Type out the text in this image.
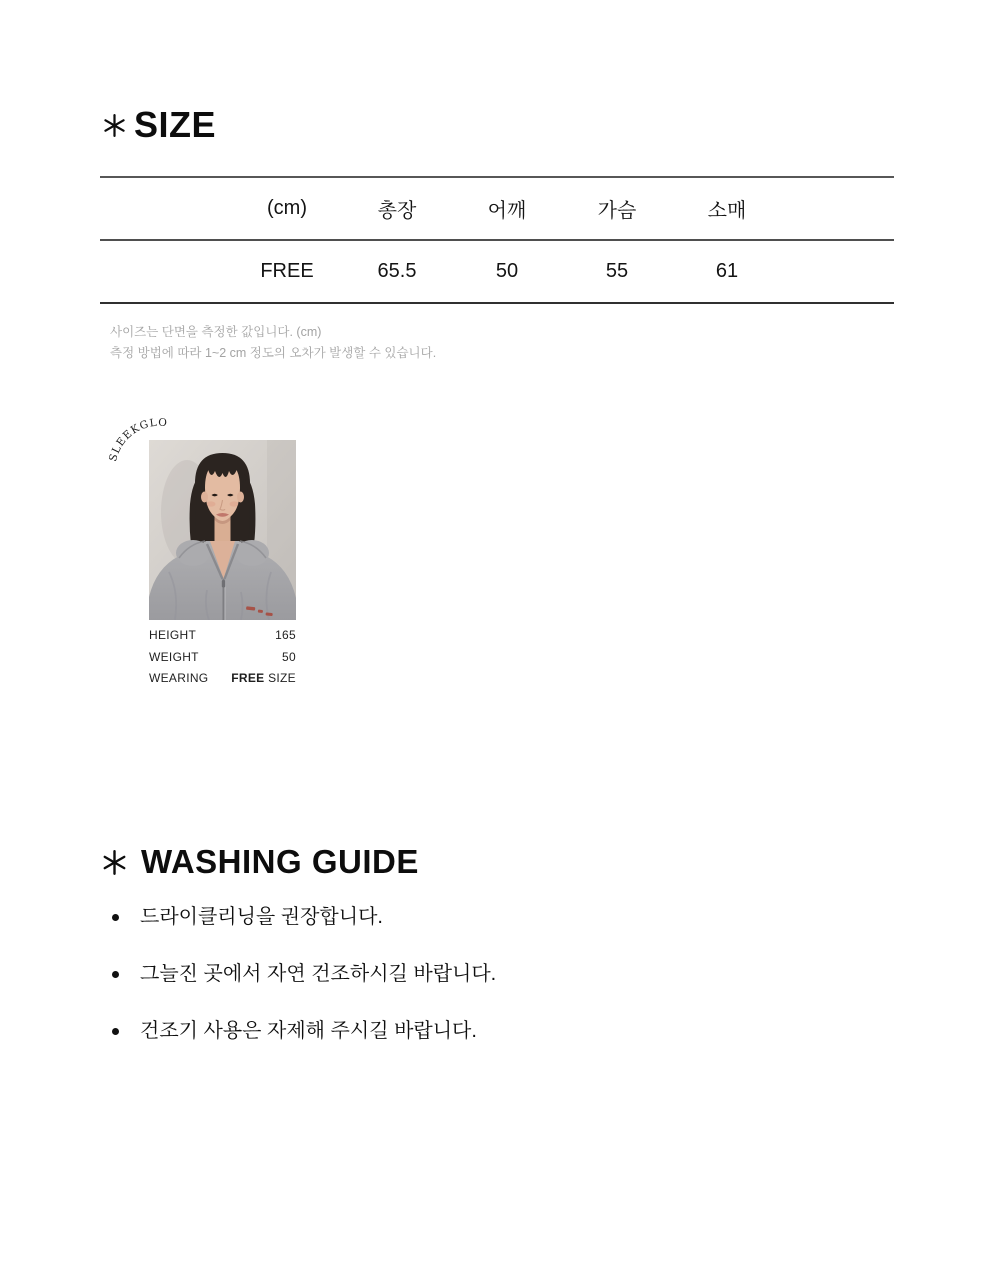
SIZE
(cm)	총장	어깨	가슴	소매
FREE	65.5	50	55	61

사이즈는 단면을 측정한 값입니다. (cm)

측정 방법에 따라 1~2 cm 정도의 오차가 발생할 수 있습니다.

SLEEKGLOW
HEIGHT	165
WEIGHT	50
WEARING FREE SIZE
WASHING GUIDE
드라이클리닝을 권장합니다.
그늘진 곳에서 자연 건조하시길 바랍니다.
건조기 사용은 자제해 주시길 바랍니다.
